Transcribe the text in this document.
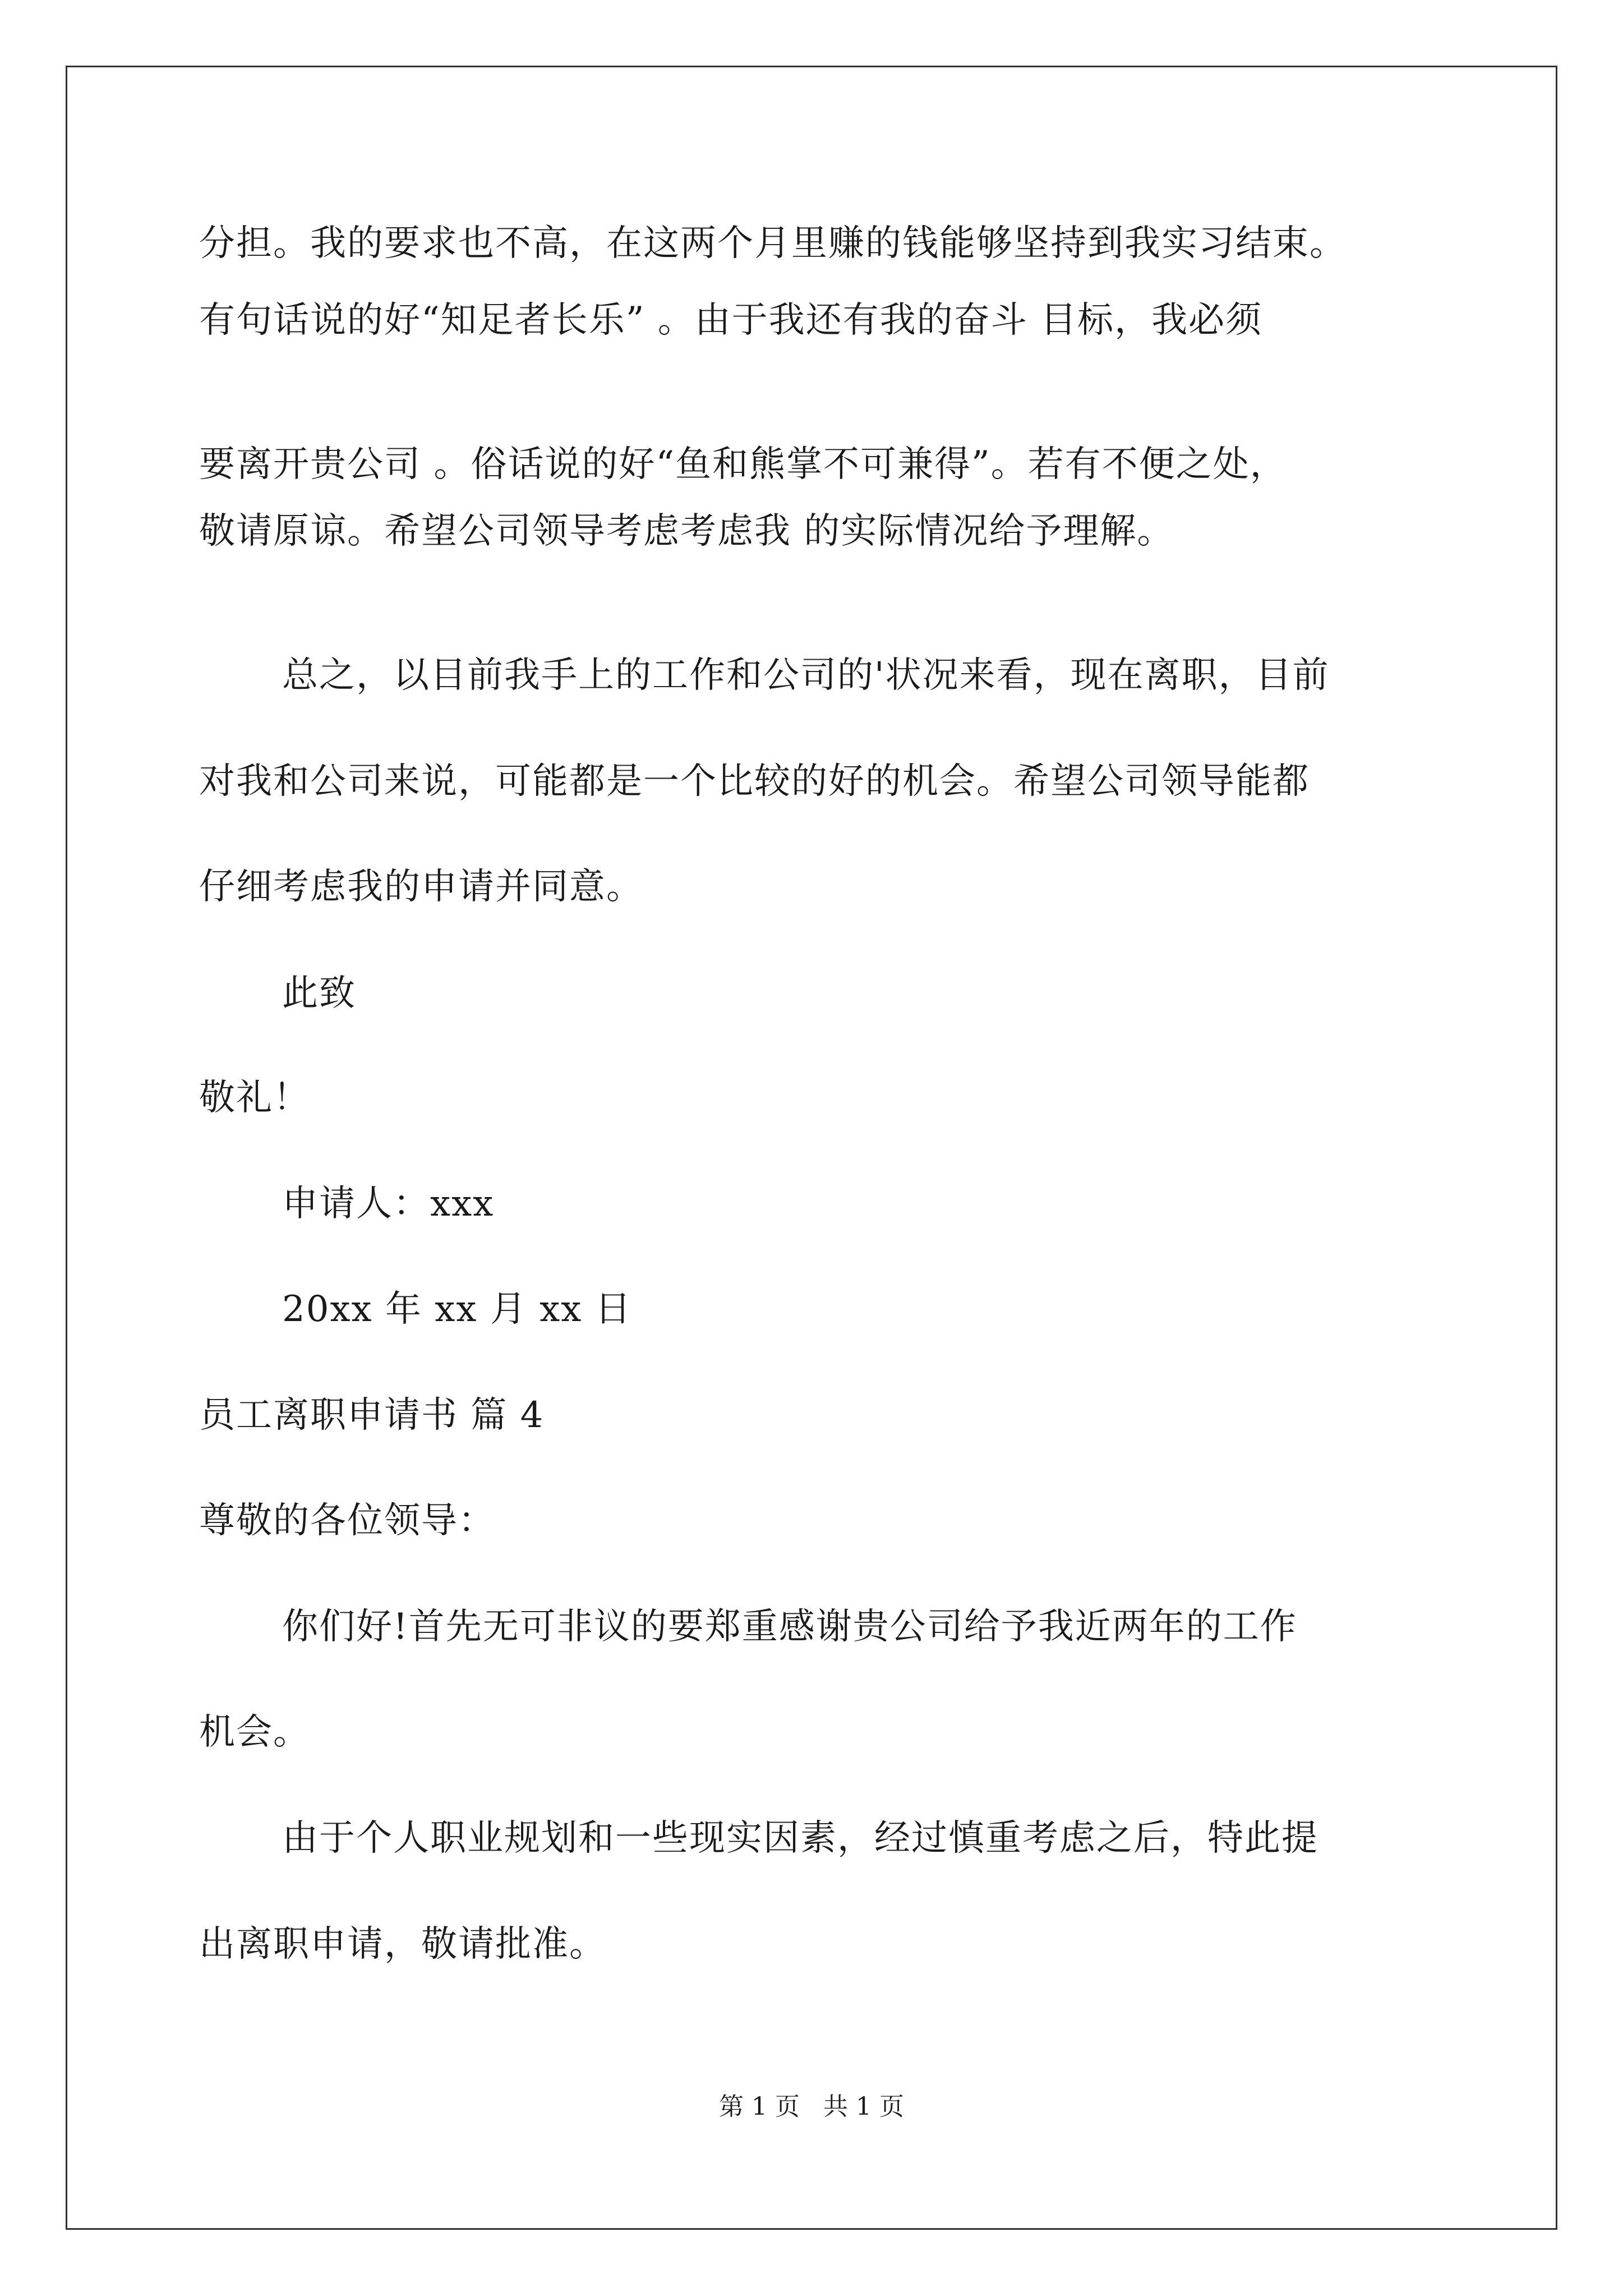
分担。我的要求也不高，在这两个月里赚的钱能够坚持到我实习结束。
有句话说的好“知足者长乐” 。由于我还有我的奋斗 目标，我必须
要离开贵公司 。俗话说的好“鱼和熊掌不可兼得”。若有不便之处，
敬请原谅。希望公司领导考虑考虑我 的实际情况给予理解。
总之，以目前我手上的工作和公司的'状况来看，现在离职，目前
对我和公司来说，可能都是一个比较的好的机会。希望公司领导能都
仔细考虑我的申请并同意。
此致
敬礼！
申请人：xxx
20xx 年 xx 月 xx 日
员工离职申请书 篇 4
尊敬的各位领导：
你们好!首先无可非议的要郑重感谢贵公司给予我近两年的工作
机会。
由于个人职业规划和一些现实因素，经过慎重考虑之后，特此提
出离职申请，敬请批准。
第 1 页   共 1 页
